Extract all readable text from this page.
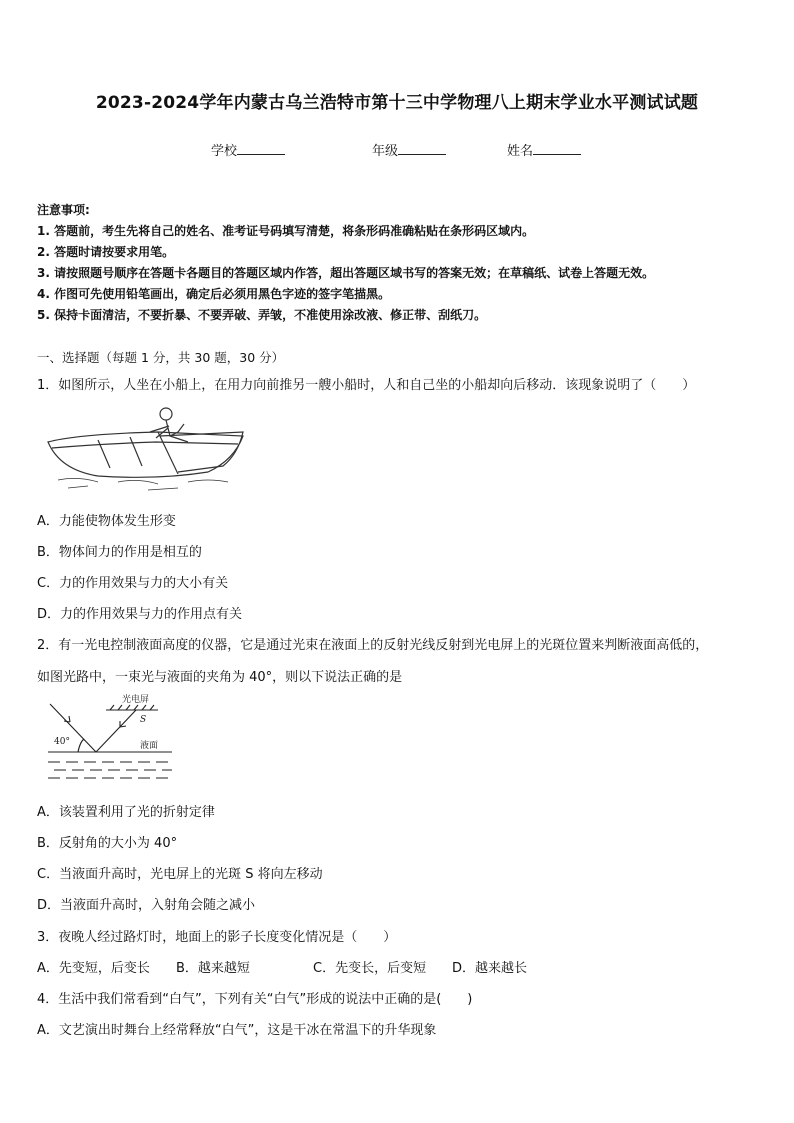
2023-2024学年内蒙古乌兰浩特市第十三中学物理八上期末学业水平测试试题
学校	年级	姓名
注意事项:
1. 答题前，考生先将自己的姓名、准考证号码填写清楚，将条形码准确粘贴在条形码区域内。
2. 答题时请按要求用笔。
3. 请按照题号顺序在答题卡各题目的答题区域内作答，超出答题区域书写的答案无效；在草稿纸、试卷上答题无效。
4. 作图可先使用铅笔画出，确定后必须用黑色字迹的签字笔描黑。
5. 保持卡面清洁，不要折暴、不要弄破、弄皱，不准使用涂改液、修正带、刮纸刀。
一、选择题（每题 1 分，共 30 题，30 分）
1．如图所示，人坐在小船上，在用力向前推另一艘小船时，人和自己坐的小船却向后移动．该现象说明了（　　）
A．力能使物体发生形变
B．物体间力的作用是相互的
C．力的作用效果与力的大小有关
D．力的作用效果与力的作用点有关
2．有一光电控制液面高度的仪器，它是通过光束在液面上的反射光线反射到光电屏上的光斑位置来判断液面高低的，
如图光路中，一束光与液面的夹角为 40°，则以下说法正确的是
光电屏
S
40°	液面
A．该装置利用了光的折射定律
B．反射角的大小为 40°
C．当液面升高时，光电屏上的光斑 S 将向左移动
D．当液面升高时，入射角会随之减小
3．夜晚人经过路灯时，地面上的影子长度变化情况是（　　）
A．先变短，后变长 B．越来越短	C．先变长，后变短 D．越来越长
4．生活中我们常看到“白气”，下列有关“白气”形成的说法中正确的是(　　)
A．文艺演出时舞台上经常释放“白气”，这是干冰在常温下的升华现象
